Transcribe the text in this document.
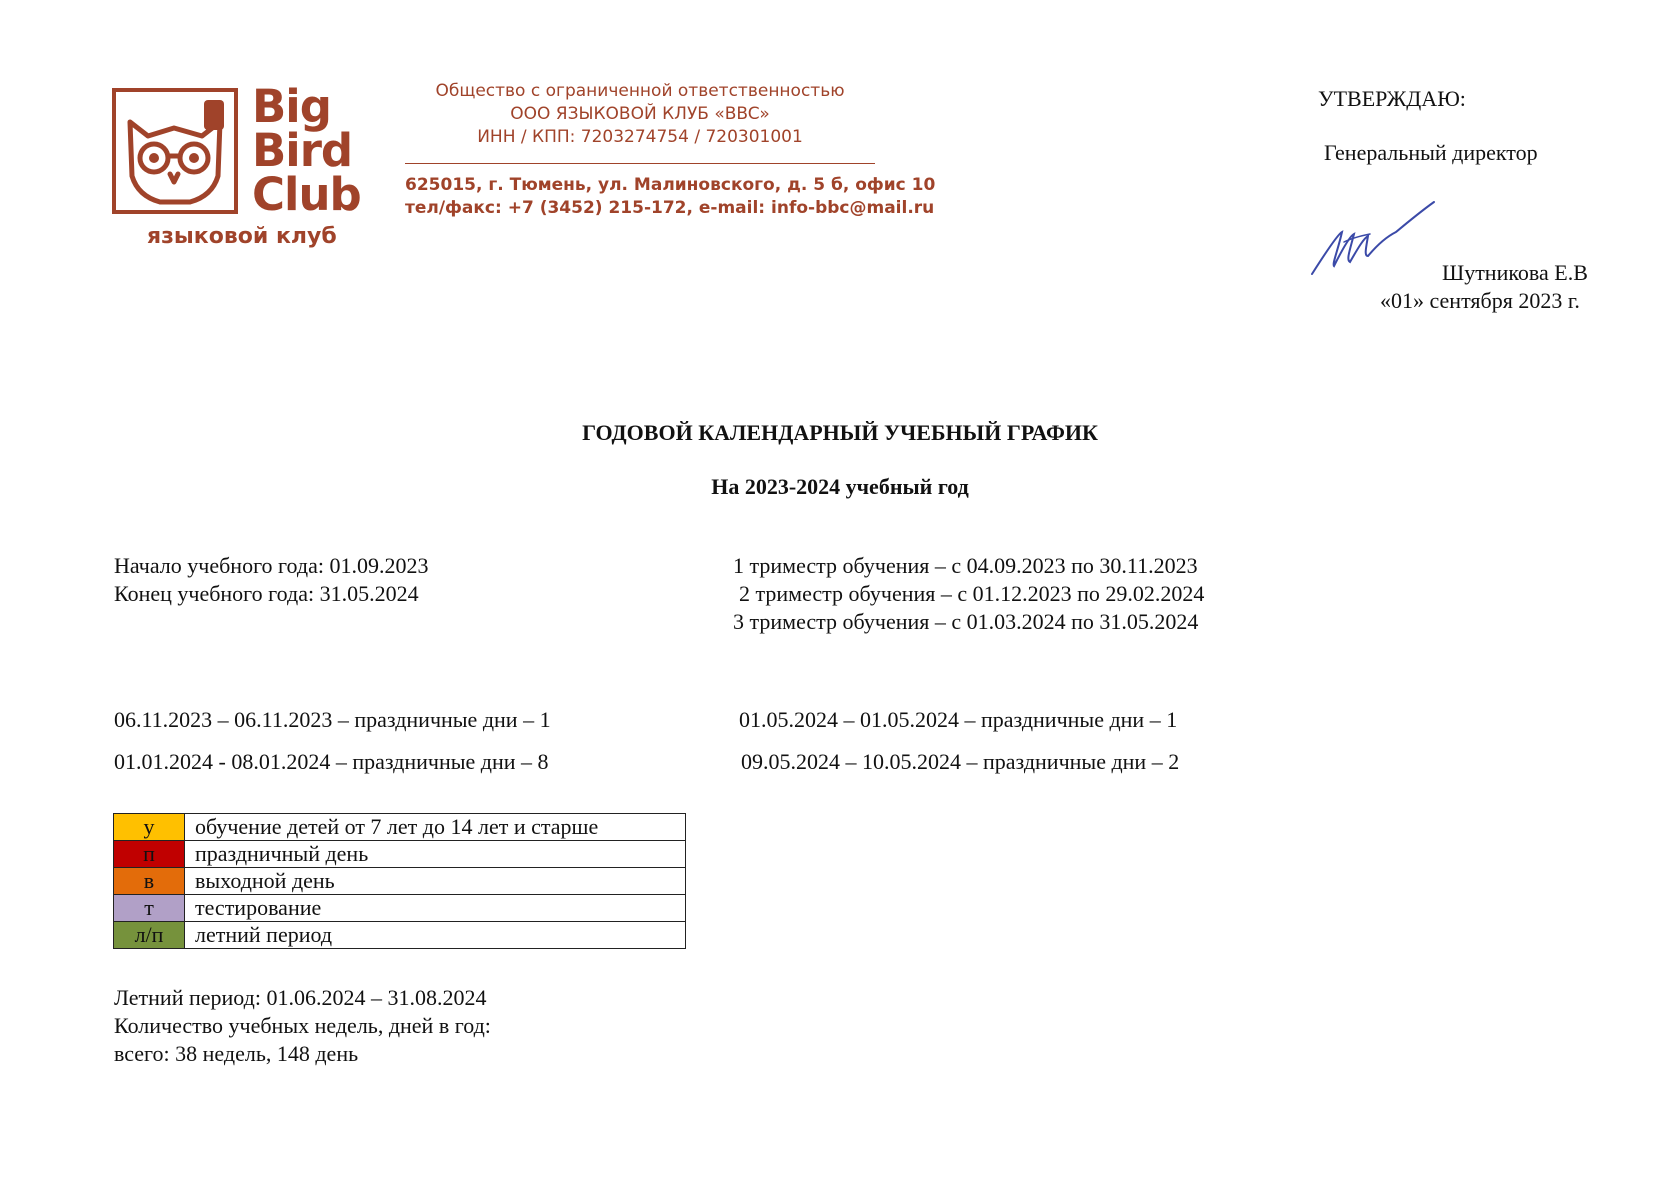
Big
Bird
Club
языковой клуб
Общество с ограниченной ответственностью
ООО ЯЗЫКОВОЙ КЛУБ «BBC»
ИНН / КПП: 7203274754 / 720301001
625015, г. Тюмень, ул. Малиновского, д. 5 б, офис 10
тел/факс: +7 (3452) 215-172, e-mail: info-bbc@mail.ru
УТВЕРЖДАЮ:
Генеральный директор
Шутникова Е.В
«01» сентября 2023 г.
ГОДОВОЙ КАЛЕНДАРНЫЙ УЧЕБНЫЙ ГРАФИК
На 2023-2024 учебный год
Начало учебного года: 01.09.2023
Конец учебного года: 31.05.2024
1 триместр обучения – с 04.09.2023 по 30.11.2023
2 триместр обучения – с 01.12.2023 по 29.02.2024
3 триместр обучения – с 01.03.2024 по 31.05.2024
06.11.2023 – 06.11.2023 – праздничные дни – 1
01.01.2024 - 08.01.2024 – праздничные дни – 8
01.05.2024 – 01.05.2024 – праздничные дни – 1
09.05.2024 – 10.05.2024 – праздничные дни – 2
у	обучение детей от 7 лет до 14 лет и старше
п	праздничный день
в	выходной день
т	тестирование
л/п	летний период
Летний период: 01.06.2024 – 31.08.2024
Количество учебных недель, дней в год:
всего: 38 недель, 148 день
